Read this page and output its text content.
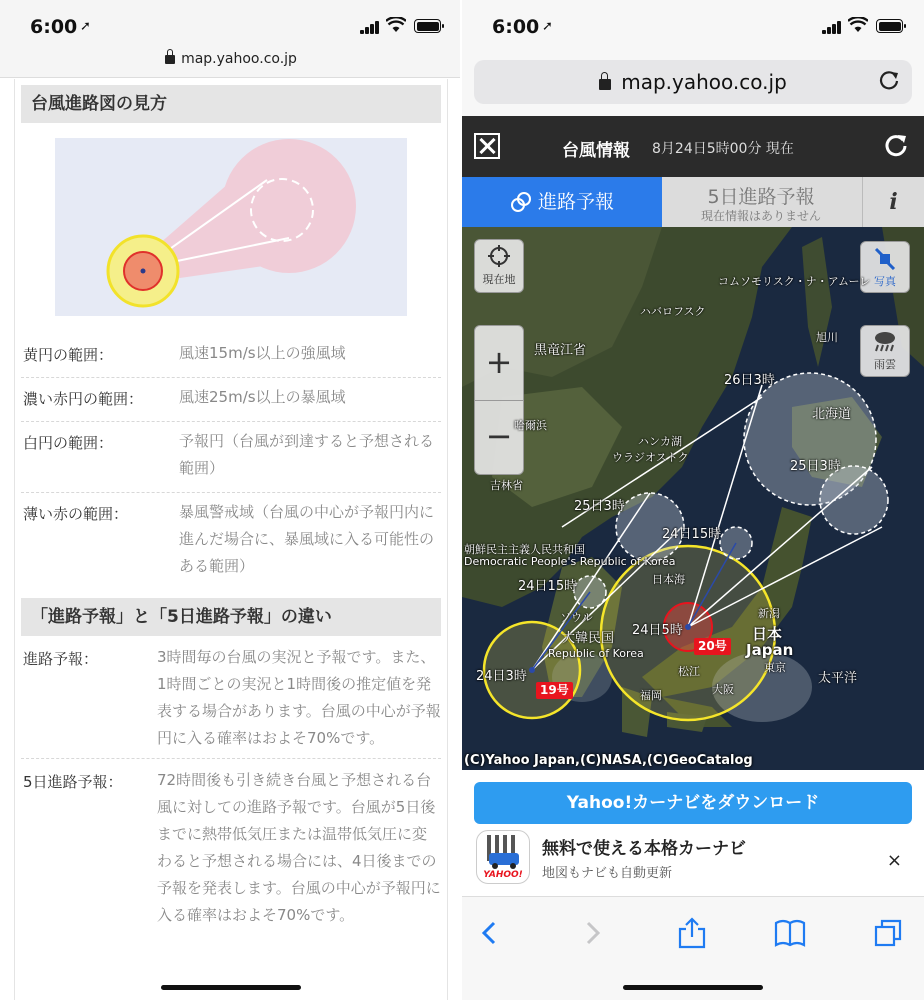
6:00 ➚
map.yahoo.co.jp
台風進路図の見方
黄円の範囲：	風速15m/s以上の強風域
濃い赤円の範囲：	風速25m/s以上の暴風域
白円の範囲：	予報円（台風が到達すると予想される範囲）
薄い赤の範囲：	暴風警戒域（台風の中心が予報円内に進んだ場合に、暴風域に入る可能性のある範囲）
「進路予報」と「5日進路予報」の違い
進路予報：	3時間毎の台風の実況と予報です。また、1時間ごとの実況と1時間後の推定値を発表する場合があります。台風の中心が予報円に入る確率はおよそ70%です。
5日進路予報：	72時間後も引き続き台風と予想される台風に対しての進路予報です。台風が5日後までに熱帯低気圧または温帯低気圧に変わると予想される場合には、4日後までの予報を発表します。台風の中心が予報円に入る確率はおよそ70%です。
6:00 ➚
map.yahoo.co.jp
台風情報 8月24日5時00分 現在
進路予報	5日進路予報
現在情報はありません
i
現在地
+
−
写真
雨雲
黒竜江省
ハバロフスク
コムソモリスク・ナ・アムーレ
哈爾浜
吉林省
ハンカ湖
ウラジオストク
北海道
旭川
日本海
日本
Japan
大韓民国
Republic of Korea
朝鮮民主主義人民共和国
Democratic People's Republic of Korea
太平洋
東京
大阪
福岡
松江
新潟
ソウル
26日3時
25日3時
25日3時
24日15時
24日15時
24日3時
24日5時
19号
20号
(C)Yahoo Japan,(C)NASA,(C)GeoCatalog
Yahoo!カーナビをダウンロード
YAHOO!
無料で使える本格カーナビ
地図もナビも自動更新
×
